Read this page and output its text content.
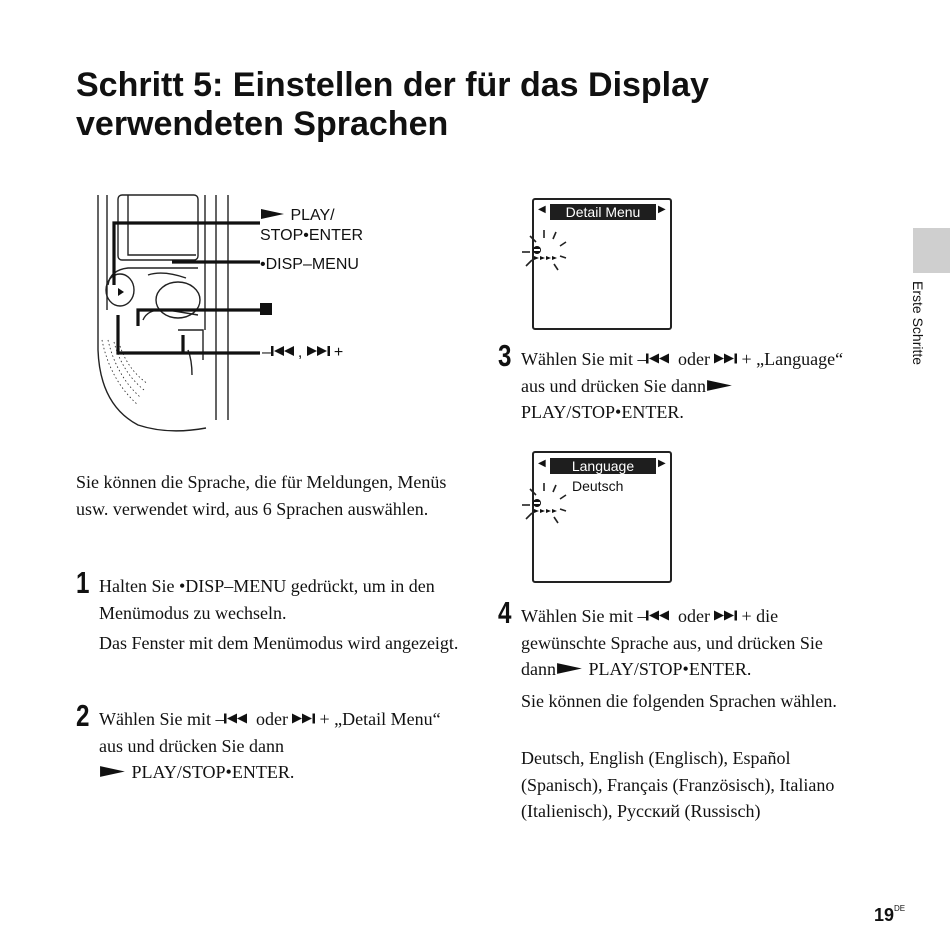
Schritt 5: Einstellen der für das Display verwendeten Sprachen
Erste Schritte
PLAY/
STOP•ENTER
•DISP–MENU
– , +
Sie können die Sprache, die für Meldungen, Menüs usw. verwendet wird, aus 6 Sprachen auswählen.
1 Halten Sie •DISP–MENU gedrückt, um in den Menümodus zu wechseln.
Das Fenster mit dem Menümodus wird angezeigt.
2 Wählen Sie mit – oder + „Detail Menu“ aus und drücken Sie dann
PLAY/STOP•ENTER.
◀	Detail Menu	▶
3 Wählen Sie mit – oder + „Language“ aus und drücken Sie dann PLAY/STOP•ENTER.
◀	Language	▶
Deutsch
4 Wählen Sie mit – oder + die gewünschte Sprache aus, und drücken Sie dann PLAY/STOP•ENTER.
Sie können die folgenden Sprachen wählen.
Deutsch, English (Englisch), Español (Spanisch), Français (Französisch), Italiano (Italienisch), Русский (Russisch)
19DE
